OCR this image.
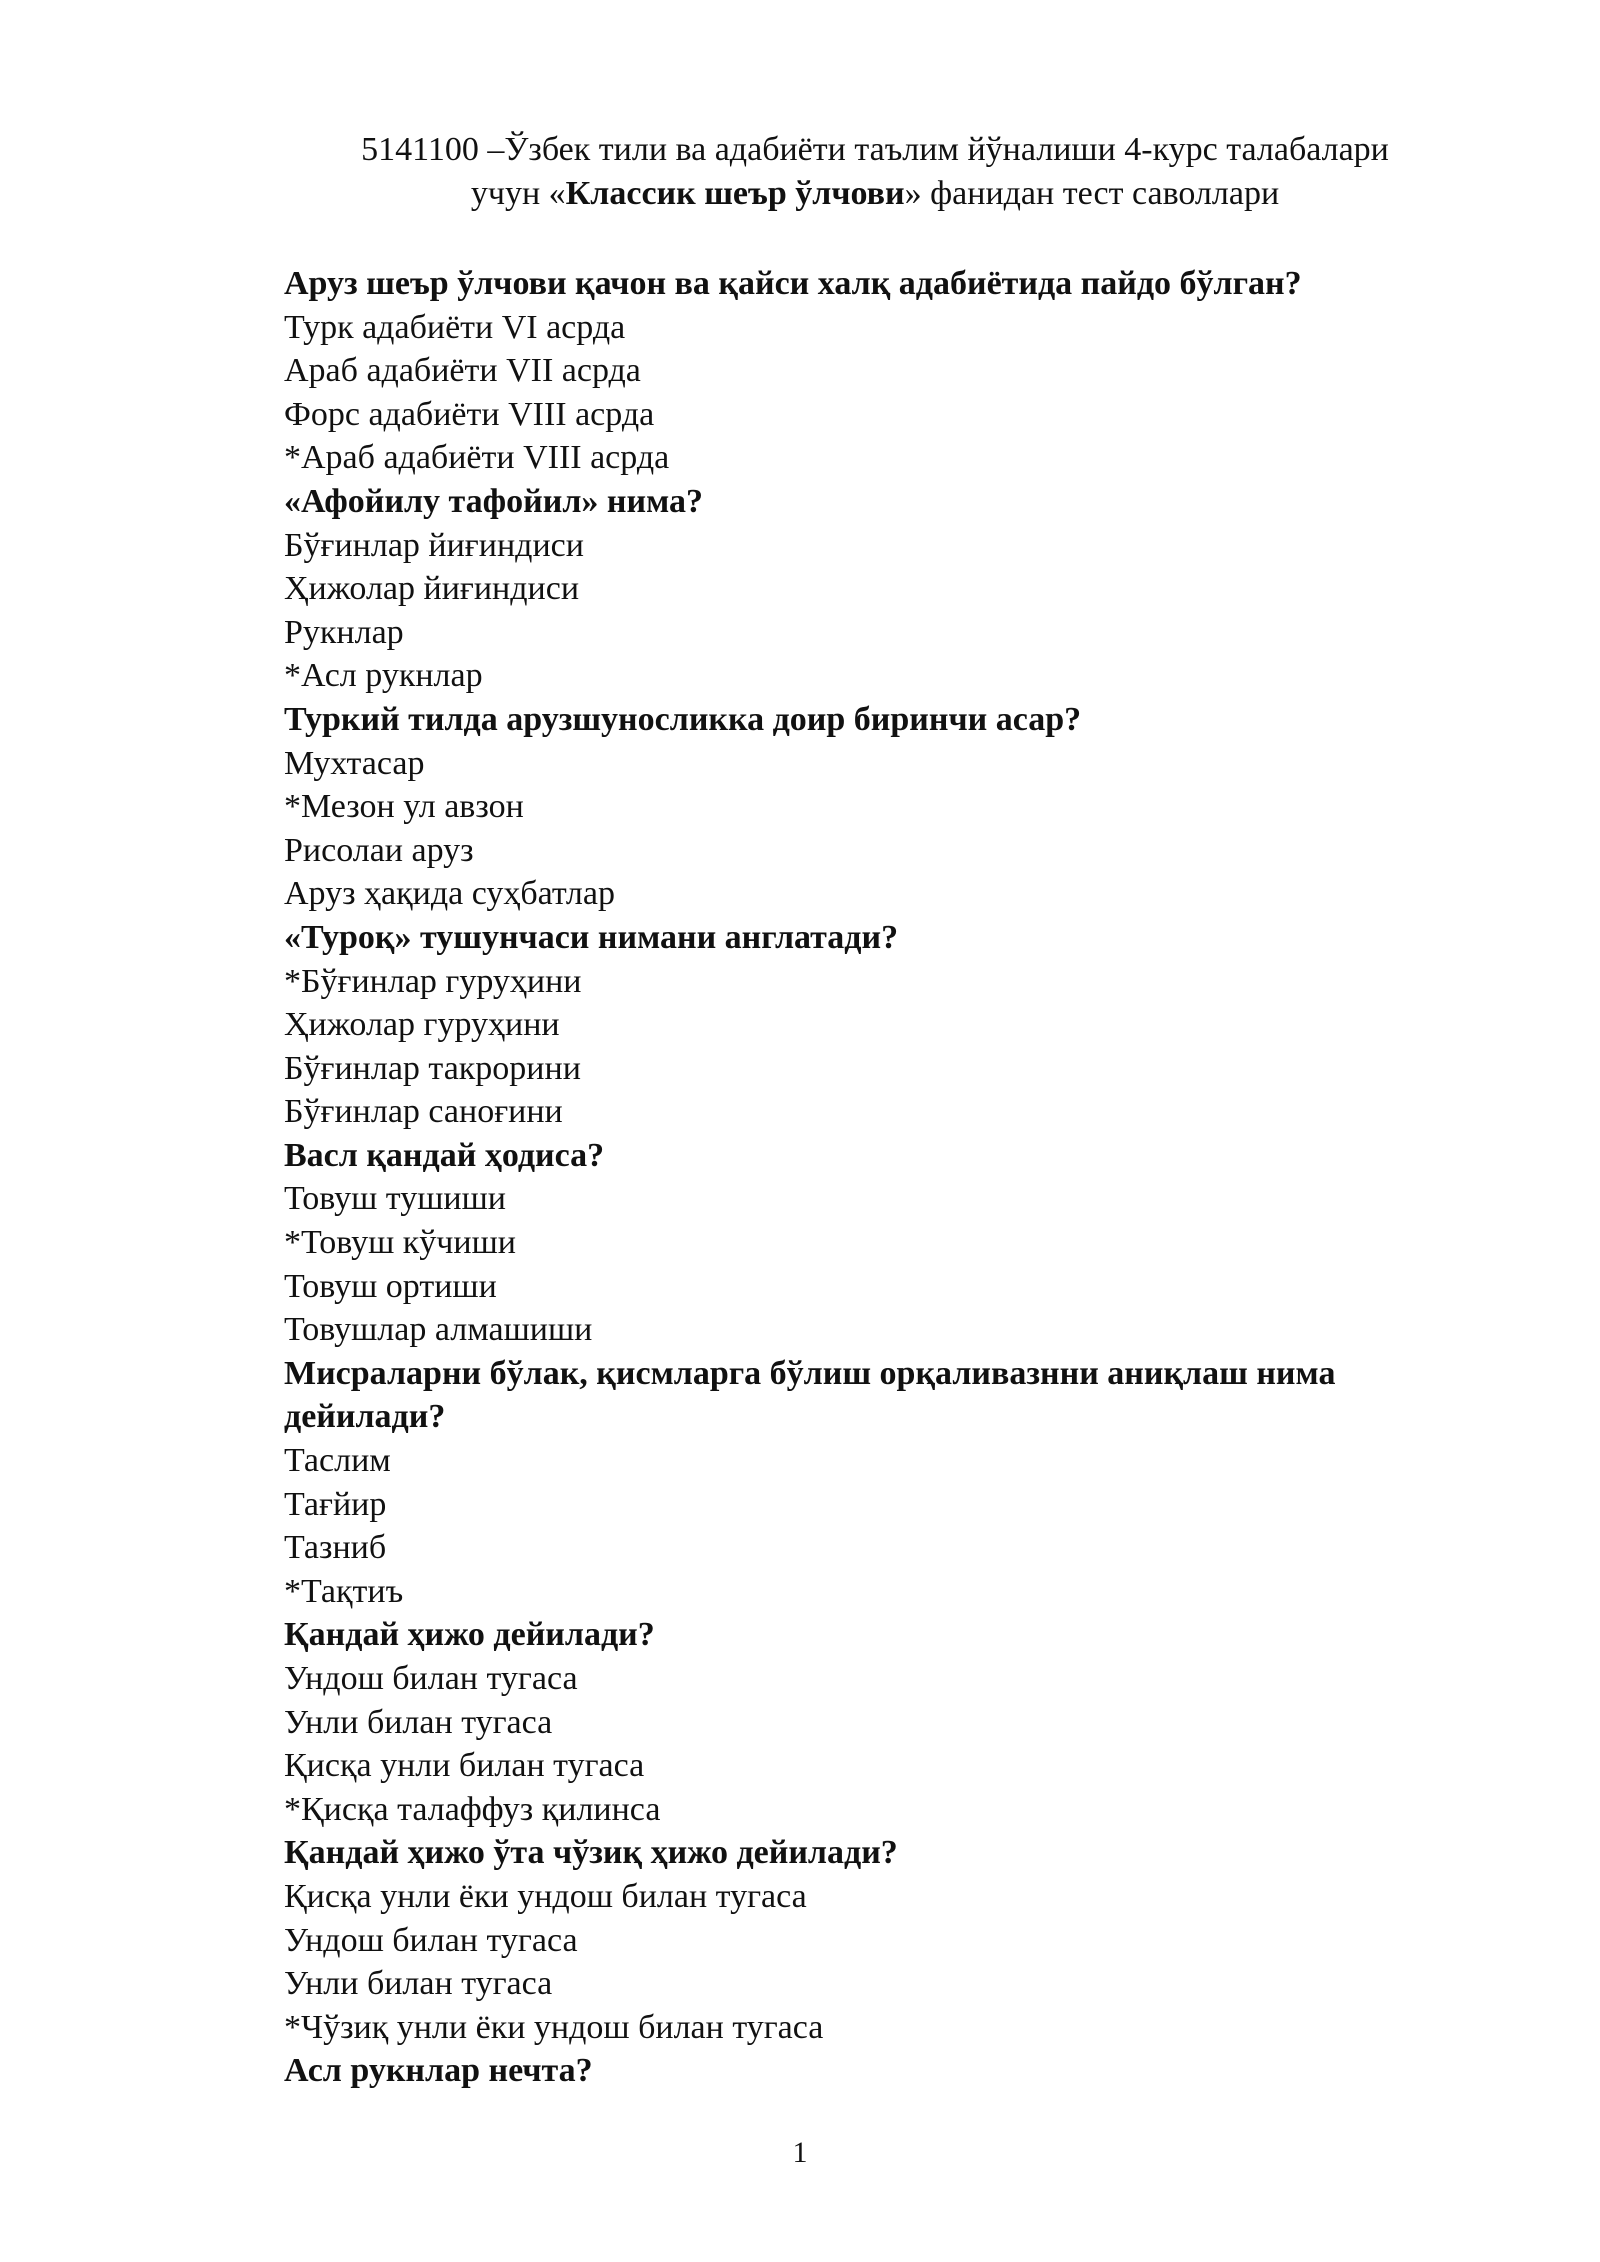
5141100 –Ўзбек тили ва адабиёти таълим йўналиши 4-курс талабалари
учун «Классик шеър ўлчови» фанидан тест саволлари
Аруз шеър ўлчови қачон ва қайси халқ адабиётида пайдо бўлган?
Турк адабиёти VI асрда
Араб адабиёти VII асрда
Форс адабиёти VIII асрда
*Араб адабиёти VIII асрда
«Афойилу тафойил» нима?
Бўғинлар йиғиндиси
Ҳижолар йиғиндиси
Рукнлар
*Асл рукнлар
Туркий тилда арузшуносликка доир биринчи асар?
Мухтасар
*Мезон ул авзон
Рисолаи аруз
Аруз ҳақида суҳбатлар
«Туроқ» тушунчаси нимани англатади?
*Бўғинлар гуруҳини
Ҳижолар гуруҳини
Бўғинлар такрорини
Бўғинлар саноғини
Васл қандай ҳодиса?
Товуш тушиши
*Товуш кўчиши
Товуш ортиши
Товушлар алмашиши
Мисраларни бўлак, қисмларга бўлиш орқаливазнни аниқлаш нима дейилади?
Таслим
Тағйир
Тазниб
*Тақтиъ
Қандай ҳижо дейилади?
Ундош билан тугаса
Унли билан тугаса
Қисқа унли билан тугаса
*Қисқа талаффуз қилинса
Қандай ҳижо ўта чўзиқ ҳижо дейилади?
Қисқа унли ёки ундош билан тугаса
Ундош билан тугаса
Унли билан тугаса
*Чўзиқ унли ёки ундош билан тугаса
Асл рукнлар нечта?
1
